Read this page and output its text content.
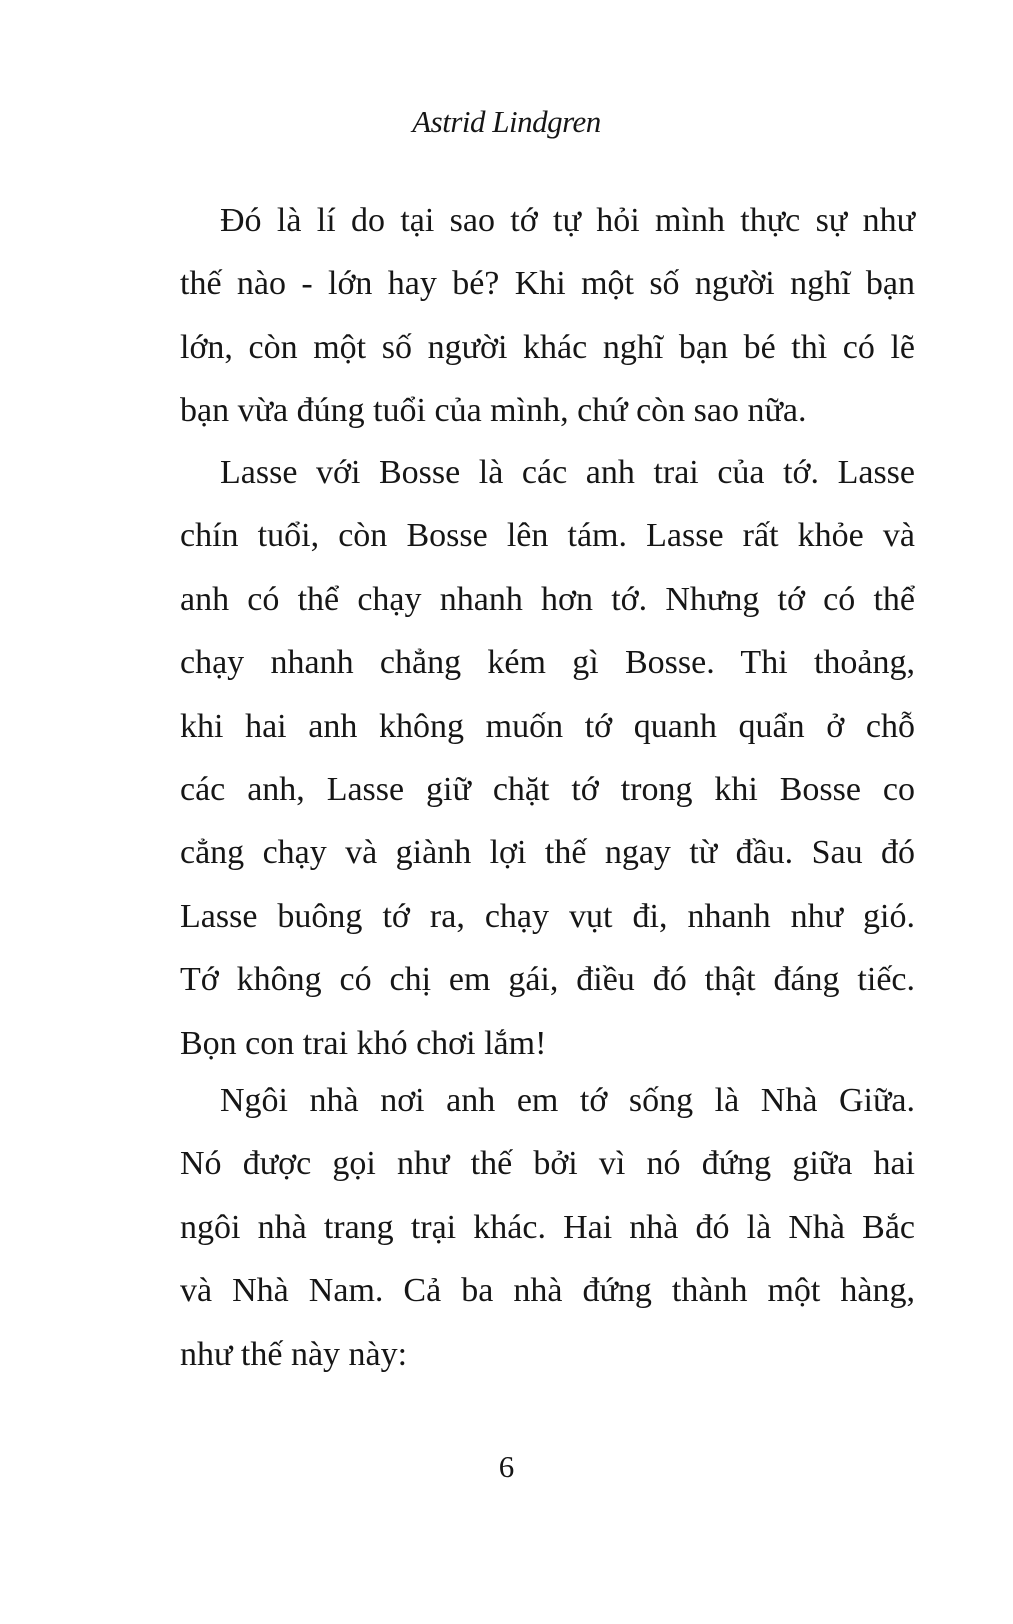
Astrid Lindgren
Đó là lí do tại sao tớ tự hỏi mình thực sự như
thế nào - lớn hay bé? Khi một số người nghĩ bạn
lớn, còn một số người khác nghĩ bạn bé thì có lẽ
bạn vừa đúng tuổi của mình, chứ còn sao nữa.
Lasse với Bosse là các anh trai của tớ. Lasse
chín tuổi, còn Bosse lên tám. Lasse rất khỏe và
anh có thể chạy nhanh hơn tớ. Nhưng tớ có thể
chạy nhanh chẳng kém gì Bosse. Thi thoảng,
khi hai anh không muốn tớ quanh quẩn ở chỗ
các anh, Lasse giữ chặt tớ trong khi Bosse co
cẳng chạy và giành lợi thế ngay từ đầu. Sau đó
Lasse buông tớ ra, chạy vụt đi, nhanh như gió.
Tớ không có chị em gái, điều đó thật đáng tiếc.
Bọn con trai khó chơi lắm!
Ngôi nhà nơi anh em tớ sống là Nhà Giữa.
Nó được gọi như thế bởi vì nó đứng giữa hai
ngôi nhà trang trại khác. Hai nhà đó là Nhà Bắc
và Nhà Nam. Cả ba nhà đứng thành một hàng,
như thế này này:
6
